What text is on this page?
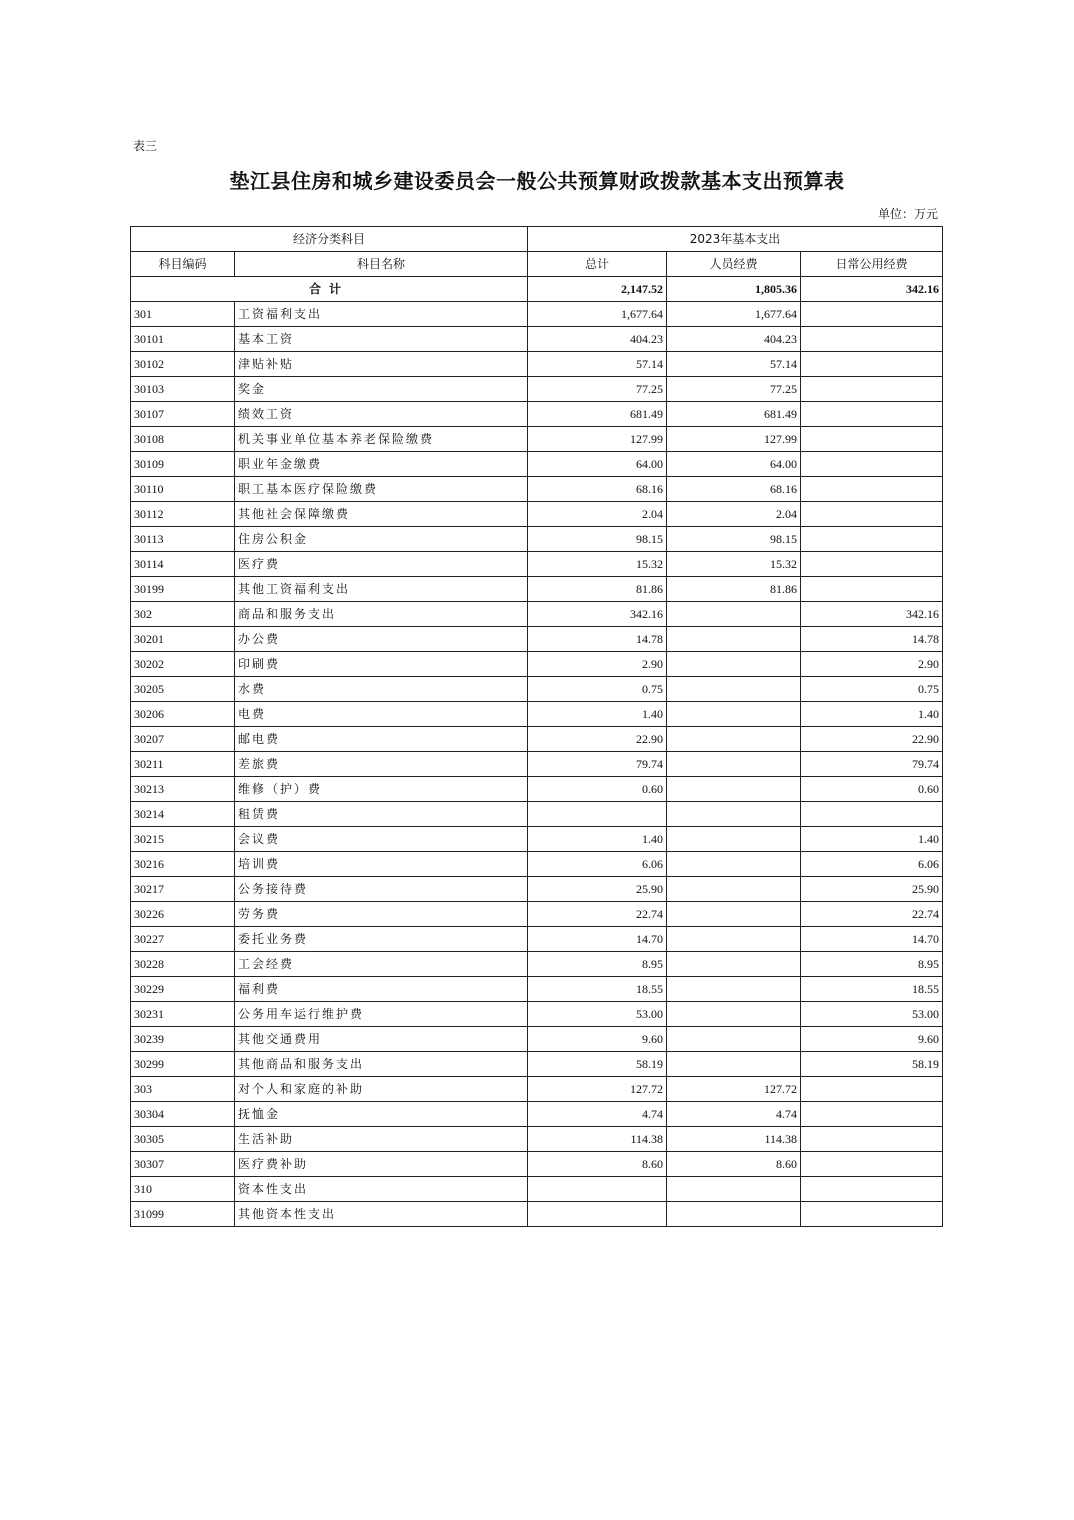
表三
垫江县住房和城乡建设委员会一般公共预算财政拨款基本支出预算表
单位：万元
经济分类科目		2023年基本支出		
科目编码	科目名称	总计	人员经费	日常公用经费
合计		2,147.52	1,805.36	342.16
301	工资福利支出	1,677.64	1,677.64	
30101	基本工资	404.23	404.23	
30102	津贴补贴	57.14	57.14	
30103	奖金	77.25	77.25	
30107	绩效工资	681.49	681.49	
30108	机关事业单位基本养老保险缴费	127.99	127.99	
30109	职业年金缴费	64.00	64.00	
30110	职工基本医疗保险缴费	68.16	68.16	
30112	其他社会保障缴费	2.04	2.04	
30113	住房公积金	98.15	98.15	
30114	医疗费	15.32	15.32	
30199	其他工资福利支出	81.86	81.86	
302	商品和服务支出	342.16		342.16
30201	办公费	14.78		14.78
30202	印刷费	2.90		2.90
30205	水费	0.75		0.75
30206	电费	1.40		1.40
30207	邮电费	22.90		22.90
30211	差旅费	79.74		79.74
30213	维修（护）费	0.60		0.60
30214	租赁费			
30215	会议费	1.40		1.40
30216	培训费	6.06		6.06
30217	公务接待费	25.90		25.90
30226	劳务费	22.74		22.74
30227	委托业务费	14.70		14.70
30228	工会经费	8.95		8.95
30229	福利费	18.55		18.55
30231	公务用车运行维护费	53.00		53.00
30239	其他交通费用	9.60		9.60
30299	其他商品和服务支出	58.19		58.19
303	对个人和家庭的补助	127.72	127.72	
30304	抚恤金	4.74	4.74	
30305	生活补助	114.38	114.38	
30307	医疗费补助	8.60	8.60	
310	资本性支出			
31099	其他资本性支出			
